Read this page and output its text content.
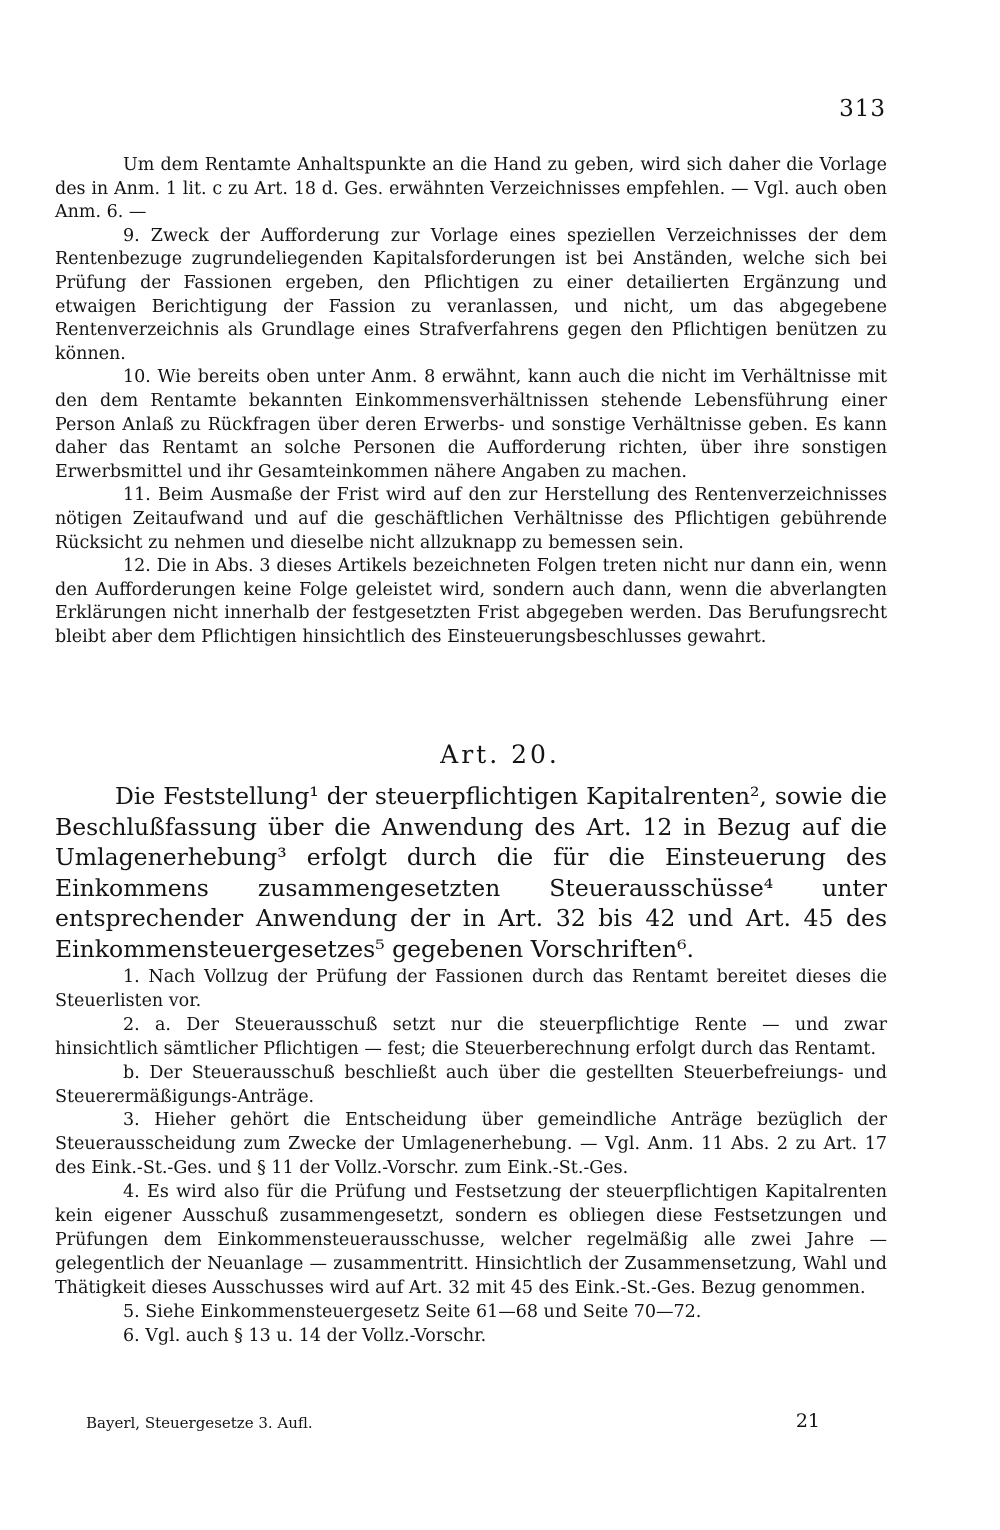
313

Um dem Rentamte Anhaltspunkte an die Hand zu geben, wird sich daher die Vorlage des in Anm. 1 lit. c zu Art. 18 d. Ges. erwähnten Verzeichnisses empfehlen. — Vgl. auch oben Anm. 6. —

9. Zweck der Aufforderung zur Vorlage eines speziellen Verzeichnisses der dem Rentenbezuge zugrundeliegenden Kapitalsforderungen ist bei Anständen, welche sich bei Prüfung der Fassionen ergeben, den Pflichtigen zu einer detailierten Ergänzung und etwaigen Berichtigung der Fassion zu veranlassen, und nicht, um das abgegebene Rentenverzeichnis als Grundlage eines Strafverfahrens gegen den Pflichtigen benützen zu können.

10. Wie bereits oben unter Anm. 8 erwähnt, kann auch die nicht im Verhältnisse mit den dem Rentamte bekannten Einkommensverhältnissen stehende Lebensführung einer Person Anlaß zu Rückfragen über deren Erwerbs- und sonstige Verhältnisse geben. Es kann daher das Rentamt an solche Personen die Aufforderung richten, über ihre sonstigen Erwerbsmittel und ihr Gesamteinkommen nähere Angaben zu machen.

11. Beim Ausmaße der Frist wird auf den zur Herstellung des Rentenverzeichnisses nötigen Zeitaufwand und auf die geschäftlichen Verhältnisse des Pflichtigen gebührende Rücksicht zu nehmen und dieselbe nicht allzuknapp zu bemessen sein.

12. Die in Abs. 3 dieses Artikels bezeichneten Folgen treten nicht nur dann ein, wenn den Aufforderungen keine Folge geleistet wird, sondern auch dann, wenn die abverlangten Erklärungen nicht innerhalb der festgesetzten Frist abgegeben werden. Das Berufungsrecht bleibt aber dem Pflichtigen hinsichtlich des Einsteuerungsbeschlusses gewahrt.

Art. 20.

Die Feststellung¹ der steuerpflichtigen Kapitalrenten², sowie die Beschlußfassung über die Anwendung des Art. 12 in Bezug auf die Umlagenerhebung³ erfolgt durch die für die Einsteuerung des Einkommens zusammengesetzten Steuerausschüsse⁴ unter entsprechender Anwendung der in Art. 32 bis 42 und Art. 45 des Einkommensteuergesetzes⁵ gegebenen Vorschriften⁶.

1. Nach Vollzug der Prüfung der Fassionen durch das Rentamt bereitet dieses die Steuerlisten vor.

2. a. Der Steuerausschuß setzt nur die steuerpflichtige Rente — und zwar hinsichtlich sämtlicher Pflichtigen — fest; die Steuerberechnung erfolgt durch das Rentamt.

b. Der Steuerausschuß beschließt auch über die gestellten Steuerbefreiungs- und Steuerermäßigungs-Anträge.

3. Hieher gehört die Entscheidung über gemeindliche Anträge bezüglich der Steuerausscheidung zum Zwecke der Umlagenerhebung. — Vgl. Anm. 11 Abs. 2 zu Art. 17 des Eink.-St.-Ges. und § 11 der Vollz.-Vorschr. zum Eink.-St.-Ges.

4. Es wird also für die Prüfung und Festsetzung der steuerpflichtigen Kapitalrenten kein eigener Ausschuß zusammengesetzt, sondern es obliegen diese Festsetzungen und Prüfungen dem Einkommensteuerausschusse, welcher regelmäßig alle zwei Jahre — gelegentlich der Neuanlage — zusammentritt. Hinsichtlich der Zusammensetzung, Wahl und Thätigkeit dieses Ausschusses wird auf Art. 32 mit 45 des Eink.-St.-Ges. Bezug genommen.

5. Siehe Einkommensteuergesetz Seite 61—68 und Seite 70—72.

6. Vgl. auch § 13 u. 14 der Vollz.-Vorschr.

Bayerl, Steuergesetze 3. Aufl.	21
